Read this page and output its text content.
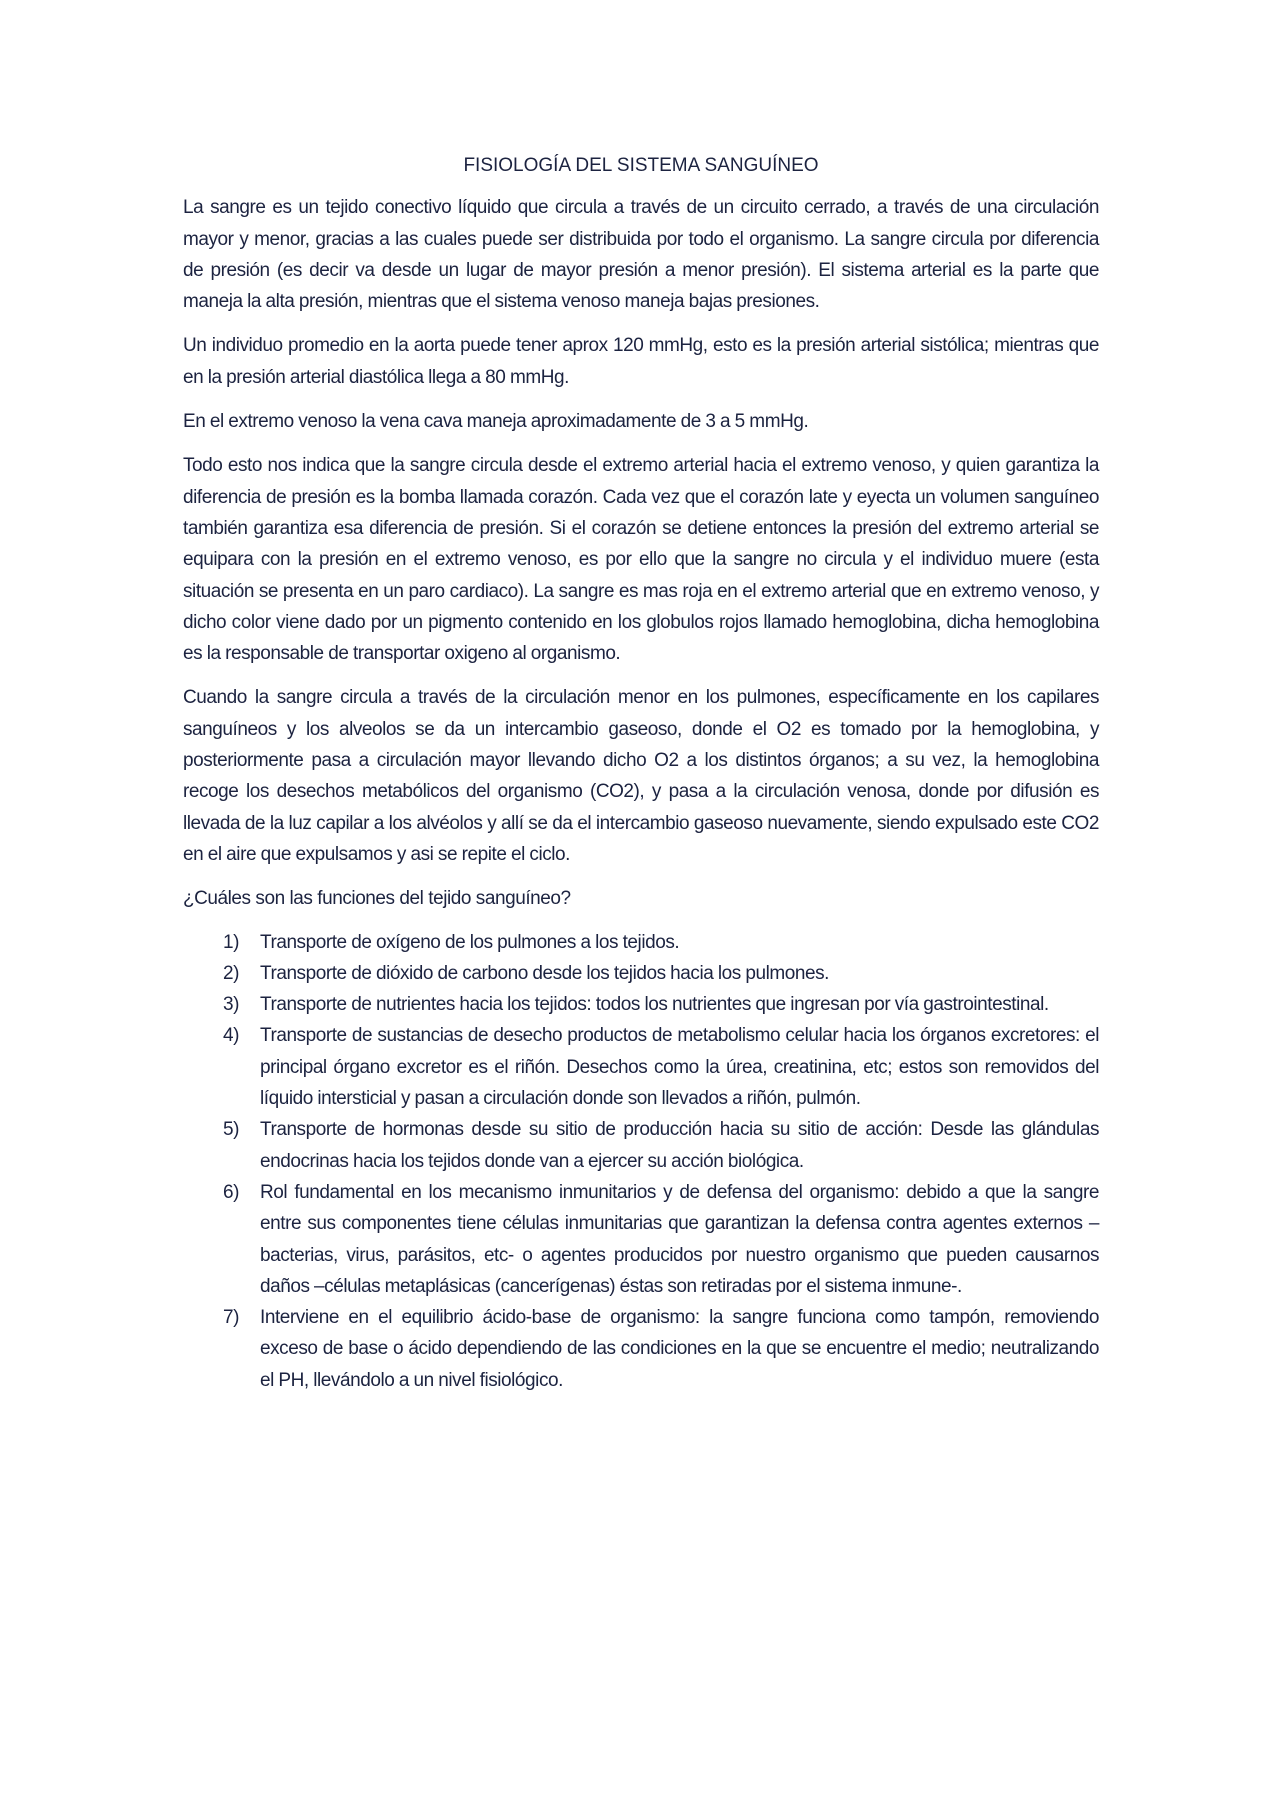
FISIOLOGÍA DEL SISTEMA SANGUÍNEO

La sangre es un tejido conectivo líquido que circula a través de un circuito cerrado, a través de una circulación mayor y menor, gracias a las cuales puede ser distribuida por todo el organismo. La sangre circula por diferencia de presión (es decir va desde un lugar de mayor presión a menor presión). El sistema arterial es la parte que maneja la alta presión, mientras que el sistema venoso maneja bajas presiones.

Un individuo promedio en la aorta puede tener aprox 120 mmHg, esto es la presión arterial sistólica; mientras que en la presión arterial diastólica llega a 80 mmHg.

En el extremo venoso la vena cava maneja aproximadamente de 3 a 5 mmHg.

Todo esto nos indica que la sangre circula desde el extremo arterial hacia el extremo venoso, y quien garantiza la diferencia de presión es la bomba llamada corazón. Cada vez que el corazón late y eyecta un volumen sanguíneo también garantiza esa diferencia de presión. Si el corazón se detiene entonces la presión del extremo arterial se equipara con la presión en el extremo venoso, es por ello que la sangre no circula y el individuo muere (esta situación se presenta en un paro cardiaco). La sangre es mas roja en el extremo arterial que en extremo venoso, y dicho color viene dado por un pigmento contenido en los globulos rojos llamado hemoglobina, dicha hemoglobina es la responsable de transportar oxigeno al organismo.

Cuando la sangre circula a través de la circulación menor en los pulmones, específicamente en los capilares sanguíneos y los alveolos se da un intercambio gaseoso, donde el O2 es tomado por la hemoglobina, y posteriormente pasa a circulación mayor llevando dicho O2 a los distintos órganos; a su vez, la hemoglobina recoge los desechos metabólicos del organismo (CO2), y pasa a la circulación venosa, donde por difusión es llevada de la luz capilar a los alvéolos y allí se da el intercambio gaseoso nuevamente, siendo expulsado este CO2 en el aire que expulsamos y asi se repite el ciclo.

¿Cuáles son las funciones del tejido sanguíneo?

1) Transporte de oxígeno de los pulmones a los tejidos.
2) Transporte de dióxido de carbono desde los tejidos hacia los pulmones.
3) Transporte de nutrientes hacia los tejidos: todos los nutrientes que ingresan por vía gastrointestinal.
4) Transporte de sustancias de desecho productos de metabolismo celular hacia los órganos excretores: el principal órgano excretor es el riñón. Desechos como la úrea, creatinina, etc; estos son removidos del líquido intersticial y pasan a circulación donde son llevados a riñón, pulmón.
5) Transporte de hormonas desde su sitio de producción hacia su sitio de acción: Desde las glándulas endocrinas hacia los tejidos donde van a ejercer su acción biológica.
6) Rol fundamental en los mecanismo inmunitarios y de defensa del organismo: debido a que la sangre entre sus componentes tiene células inmunitarias que garantizan la defensa contra agentes externos –bacterias, virus, parásitos, etc- o agentes producidos por nuestro organismo que pueden causarnos daños –células metaplásicas (cancerígenas) éstas son retiradas por el sistema inmune-.
7) Interviene en el equilibrio ácido-base de organismo: la sangre funciona como tampón, removiendo exceso de base o ácido dependiendo de las condiciones en la que se encuentre el medio; neutralizando el PH, llevándolo a un nivel fisiológico.
